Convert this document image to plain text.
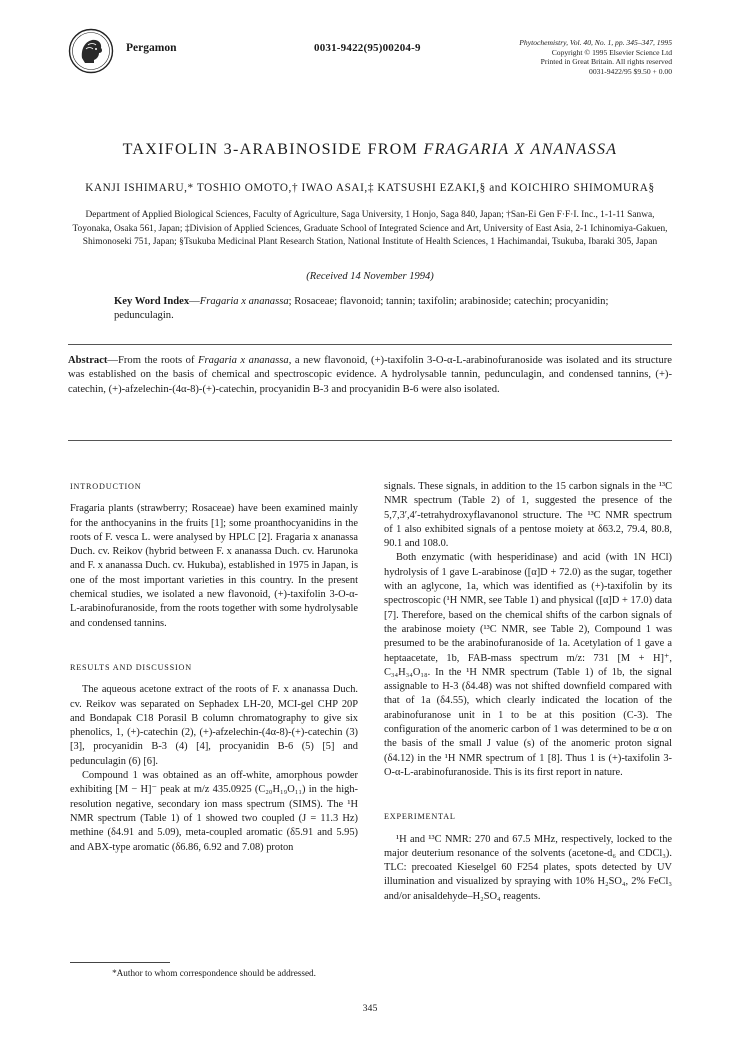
Pergamon	0031-9422(95)00204-9	Phytochemistry, Vol. 40, No. 1, pp. 345–347, 1995
Copyright © 1995 Elsevier Science Ltd
Printed in Great Britain. All rights reserved
0031-9422/95 $9.50 + 0.00
TAXIFOLIN 3-ARABINOSIDE FROM FRAGARIA X ANANASSA
KANJI ISHIMARU,* TOSHIO OMOTO,† IWAO ASAI,‡ KATSUSHI EZAKI,§ and KOICHIRO SHIMOMURA§
Department of Applied Biological Sciences, Faculty of Agriculture, Saga University, 1 Honjo, Saga 840, Japan; †San-Ei Gen F·F·I. Inc., 1-1-11 Sanwa, Toyonaka, Osaka 561, Japan; ‡Division of Applied Sciences, Graduate School of Integrated Science and Art, University of East Asia, 2-1 Ichinomiya-Gakuen, Shimonoseki 751, Japan; §Tsukuba Medicinal Plant Research Station, National Institute of Health Sciences, 1 Hachimandai, Tsukuba, Ibaraki 305, Japan
(Received 14 November 1994)
Key Word Index—Fragaria x ananassa; Rosaceae; flavonoid; tannin; taxifolin; arabinoside; catechin; procyanidin; pedunculagin.
Abstract—From the roots of Fragaria x ananassa, a new flavonoid, (+)-taxifolin 3-O-α-L-arabinofuranoside was isolated and its structure was established on the basis of chemical and spectroscopic evidence. A hydrolysable tannin, pedunculagin, and condensed tannins, (+)-catechin, (+)-afzelechin-(4α-8)-(+)-catechin, procyanidin B-3 and procyanidin B-6 were also isolated.

INTRODUCTION

Fragaria plants (strawberry; Rosaceae) have been examined mainly for the anthocyanins in the fruits [1]; some proanthocyanidins in the roots of F. vesca L. were analysed by HPLC [2]. Fragaria x ananassa Duch. cv. Reikov (hybrid between F. x ananassa Duch. cv. Harunoka and F. x ananassa Duch. cv. Hukuba), established in 1975 in Japan, is one of the most important varieties in this country. In the present chemical studies, we isolated a new flavonoid, (+)-taxifolin 3-O-α-L-arabinofuranoside, from the roots together with some hydrolysable and condensed tannins.

RESULTS AND DISCUSSION

The aqueous acetone extract of the roots of F. x ananassa Duch. cv. Reikov was separated on Sephadex LH-20, MCI-gel CHP 20P and Bondapak C18 Porasil B column chromatography to give six phenolics, 1, (+)-catechin (2), (+)-afzelechin-(4α-8)-(+)-catechin (3) [3], procyanidin B-3 (4) [4], procyanidin B-6 (5) [5] and pedunculagin (6) [6].

Compound 1 was obtained as an off-white, amorphous powder exhibiting [M − H]⁻ peak at m/z 435.0925 (C₂₀H₁₉O₁₁) in the high-resolution negative, secondary ion mass spectrum (SIMS). The ¹H NMR spectrum (Table 1) of 1 showed two coupled (J = 11.3 Hz) methine (δ4.91 and 5.09), meta-coupled aromatic (δ5.91 and 5.95) and ABX-type aromatic (δ6.86, 6.92 and 7.08) proton

signals. These signals, in addition to the 15 carbon signals in the ¹³C NMR spectrum (Table 2) of 1, suggested the presence of the 5,7,3′,4′-tetrahydroxyflavanonol structure. The ¹³C NMR spectrum of 1 also exhibited signals of a pentose moiety at δ63.2, 79.4, 80.8, 90.1 and 108.0.

Both enzymatic (with hesperidinase) and acid (with 1N HCl) hydrolysis of 1 gave L-arabinose ([α]D + 72.0) as the sugar, together with an aglycone, 1a, which was identified as (+)-taxifolin by its spectroscopic (¹H NMR, see Table 1) and physical ([α]D + 17.0) data [7]. Therefore, based on the chemical shifts of the carbon signals of the arabinose moiety (¹³C NMR, see Table 2), Compound 1 was presumed to be the arabinofuranoside of 1a. Acetylation of 1 gave a heptaacetate, 1b, FAB-mass spectrum m/z: 731 [M + H]⁺, C₃₄H₃₄O₁₈. In the ¹H NMR spectrum (Table 1) of 1b, the signal assignable to H-3 (δ4.48) was not shifted downfield compared with that of 1a (δ4.55), which clearly indicated the location of the arabinofuranose unit in 1 to be at this position (C-3). The configuration of the anomeric carbon of 1 was determined to be α on the basis of the small J value (s) of the anomeric proton signal (δ4.12) in the ¹H NMR spectrum of 1 [8]. Thus 1 is (+)-taxifolin 3-O-α-L-arabinofuranoside. This is its first report in nature.

EXPERIMENTAL

¹H and ¹³C NMR: 270 and 67.5 MHz, respectively, locked to the major deuterium resonance of the solvents (acetone-d₆ and CDCl₃). TLC: precoated Kieselgel 60 F254 plates, spots detected by UV illumination and visualized by spraying with 10% H₂SO₄, 2% FeCl₃ and/or anisaldehyde–H₂SO₄ reagents.

*Author to whom correspondence should be addressed.
345
